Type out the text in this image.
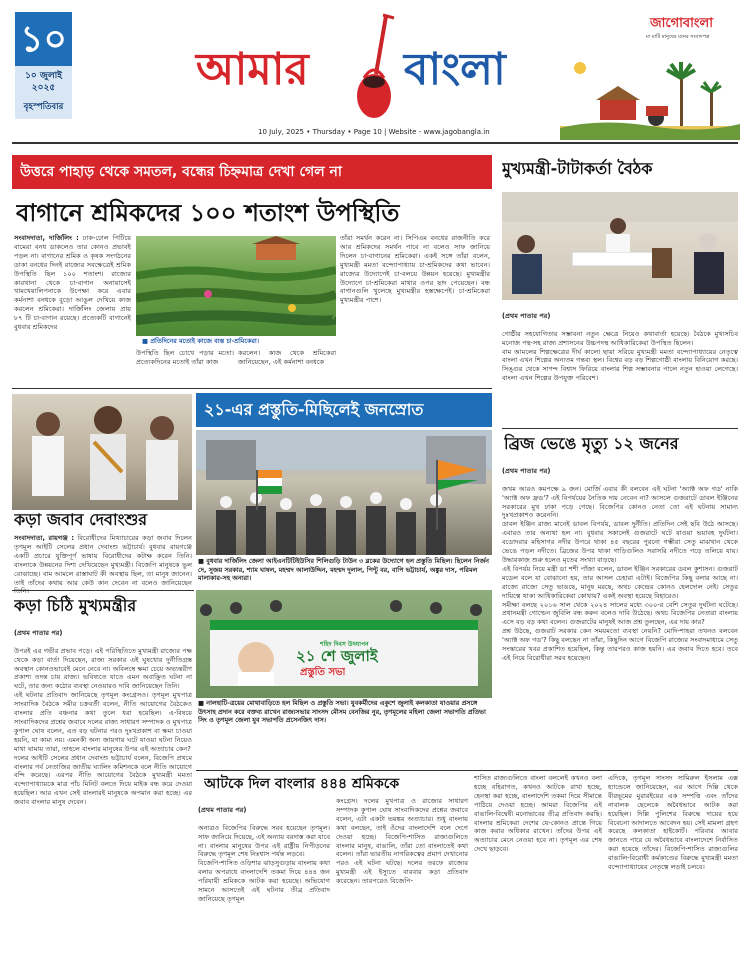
১০
১০ জুলাই ২০২৫
বৃহস্পতিবার
আমার বাংলা
10 July, 2025 • Thursday • Page 10 | Website - www.jagobangla.in
জাগোবাংলা
মা মাটি মানুষের মনের সংবাদপত্র
উত্তরে পাহাড় থেকে সমতল, বন্ধের চিহ্নমাত্র দেখা গেল না
বাগানে শ্রমিকদের ১০০ শতাংশ উপস্থিতি
সংবাদদাতা, দার্জিলিং : ঢাক-ঢোল পিটিয়ে বামেরা বনধ ডাকলেও তার কোনও প্রভাবই পড়ল না। বাগানের শ্রমিক ও কৃষক সংগঠনের ডাকা বনধের দিনই রাজ্যের সবক্ষেত্রেই শ্রমিক উপস্থিতি ছিল ১০০ শতাংশ। রাজ্যের কারখানা থেকে চা-বাগান অনায়াসেই খামখেয়ালিপনাকে উপেক্ষা করে এবার কর্মনাশা বনধকে বুড়ো আঙুল দেখিয়ে কাজ করলেন শ্রমিকেরা। দার্জিলিং জেলায় প্রায় ৮৭ টি চা-বাগান রয়েছে। প্রত্যেকটি বাগানেই বুধবার শ্রমিকদের
■ প্রতিদিনের মতোই কাজে ব্যস্ত চা-শ্রমিকেরা।
উপস্থিতি ছিল চোখে পড়ার মতো। প্রত্যেকদিনের মতোই তাঁরা কাজ
করলেন। কাজ থেকে শ্রমিকেরা জানিয়েছেন, এই কর্মনাশা বনধকে
তাঁরা সমর্থন করেন না। সিপিএম বনধের রাজনীতি করে আর শ্রমিকদের সমর্থন পাবে না বলেও সাফ জানিয়ে দিলেন চা-বাগানের শ্রমিকেরা। একই সঙ্গে তাঁরা বলেন, মুখ্যমন্ত্রী মমতা বন্দ্যোপাধ্যায় চা-শ্রমিকদের কথা ভাবেন। রাজ্যের উদ্যোগেই চা-বলয়ে উন্নয়ন হয়েছে। মুখ্যমন্ত্রীর উদ্যোগে চা-শ্রমিকেরা মাথার ওপর ছাদ পেয়েছেন। বন্ধ বাগানগুলি খুলেছে মুখ্যমন্ত্রীর হস্তক্ষেপেই। চা-শ্রমিকেরা মুখ্যমন্ত্রীর পাশে।
কড়া জবাব দেবাংশুর
সংবাদদাতা, রায়গঞ্জ : বিরোধীদের মিথ্যাচারের কড়া জবাব দিলেন তৃণমূল আইটি সেলের প্রধান দেবাংশু ভট্টাচার্য। বুধবার রায়গঞ্জে একটি প্রচারে যুক্তিপূর্ণ ভাষায় বিরোধীদের কটাক্ষ করেন তিনি। বাংলাকে উন্নয়নের দিশা দেখিয়েছেন মুখ্যমন্ত্রী। বিজেপি মানুষকে ভুল বোঝাচ্ছে। বাম আমলে রাস্তাঘাট কী অবস্থায় ছিল, তা মানুষ জানেন। তাই তাঁদের কথায় আর কেউ কান দেবেন না বলেও জানিয়েছেন
কড়া চিঠি মুখ্যমন্ত্রীর

(প্রথম পাতার পর)

উপরই এর গভীর প্রভাব পড়ে। এই পরিস্থিতিতে মুখ্যমন্ত্রী রাজ্যের পক্ষ থেকে কড়া বার্তা দিয়েছেন, রাজ্য সরকার এই ঘুষখোর দুর্নীতিগ্রস্ত অবস্থান কোনওভাবেই মেনে নেবে না। অবিলম্বে ক্ষমা চেয়ে অভ্যন্তরীণ প্রকাশ্য তদন্ত চায় রাজ্য। ভবিষ্যতে যাতে এমন অবাঞ্ছিত ঘটনা না ঘটে, তার জন্য কঠোর ব্যবস্থা নেওয়ারও দাবি জানিয়েছেন তিনি।
এই ঘটনার প্রতিবাদ জানিয়েছে তৃণমূল কংগ্রেসও। তৃণমূল মুখপাত্র সাংবাদিক বৈঠকে সমীর চক্রবর্তী বলেন, নীতি আয়োগের বৈঠকেও বাংলার প্রতি বঞ্চনার কথা তুলে ধরা হয়েছিল। এ-বিষয়ে সাংবাদিকদের প্রশ্নের জবাবে দলের রাজ্য সাধারণ সম্পাদক ও মুখপাত্র কুণাল ঘোষ বলেন, এত বড় ঘটনার পরও দুঃখপ্রকাশ বা ক্ষমা চাওয়া হয়নি, যা কাম্য নয়। এমনকী অন্য জায়গায় ঘটে যাওয়া ঘটনা নিয়েও মাথা ঘামায় তারা, তাহলে বাংলার মানুষের উপর এই অত্যাচার কেন?
দলের আইটি সেলের প্রধান দেবাংশু ভট্টাচার্য বলেন, বিজেপি প্রথমে বাংলার গর্ব নেতাজির জাতীয় ঘ্যালিং কমিশনকে বলে নীতি আয়োগে বন্দি করেছে। এরপর নীতি আয়োগের বৈঠকে মুখ্যমন্ত্রী মমতা বন্দ্যোপাধ্যায়কে মাত্র পাঁচ মিনিট বলতে দিয়ে মাইক বন্ধ করে দেওয়া হয়েছিল। আর এখন সেই বাংলারই মানুষকে অপমান করা হচ্ছে। এর জবাব বাংলার মানুষ দেবেন।

২১-এর প্রস্তুতি-মিছিলেই জনস্রোত
■ বুধবার দার্জিলিং জেলা আইএনটিটিইউসির শিলিগুড়ি টাউন ৩ ব্লকের উদ্যোগে হল প্রস্তুতি মিছিল। ছিলেন নির্জন দে, সুজয় সরকার, শ্যাম ঘাষল, মহম্মদ আলাউদ্দিন, মহম্মদ দুলাল, পিন্টু বর, বাপি ভট্টাচার্য, অঙ্কুর দাস, পরিমল মালাকার-সহ অন্যরা।
শহিদ দিবস উদযাপন
২১ শে জুলাই
প্রস্তুতি সভা
■ নালহাটি-ত্রয়ের মোথাবাড়িতে হল মিছিল ও প্রস্তুতি সভা। যুবকর্মীদের একুশে জুলাই কলকাতা যাওয়ার প্রসঙ্গে উৎসাহ প্রদান করে বক্তব্য রাখেন রাজ্যসভার সাংসদ মৌসম বেনজির নুর, তৃণমূলের মহিলা জেলা সভাপতি প্রতিভা সিং ও তৃণমূল জেলা যুব সভাপতি প্রসেনজিৎ দাস।
মুখ্যমন্ত্রী-টাটাকর্তা বৈঠক

(প্রথম পাতার পর)

গোষ্ঠীর সহযোগিতার সম্ভাবনা নতুন ক্ষেত্রে নিয়েও কথাবার্তা হয়েছে। বৈঠকে মুখ্যসচিব মনোজ পন্থ-সহ রাজ্য প্রশাসনের উচ্চপদস্থ আধিকারিকেরা উপস্থিত ছিলেন।
বাম আমলের শিল্পক্ষেত্রের দীর্ঘ কালো ছায়া সরিয়ে মুখ্যমন্ত্রী মমতা বন্দ্যোপাধ্যায়ের নেতৃত্বে বাংলা এখন শিল্পের অন্যতম গন্তব্য স্থল। বিশ্বের বড় বড় শিল্পগোষ্ঠী বাংলায় বিনিয়োগ করছে। সিঙ্গুর থেকে সাণন্দ বিশ্বাস ফিরিয়ে বাংলার শিল্প সম্ভাবনার পালে নতুন হাওয়া লেগেছে। বাংলা এখন শিল্পের উপযুক্ত পরিবেশ।

ব্রিজ ভেঙে মৃত্যু ১২ জনের

(প্রথম পাতার পর)

জখম আরও কমপক্ষে ৯ জন। মোর্জি এবার কী বলবেন এই ঘটনা 'অ্যাক্ট অফ গড' নাকি 'অ্যাক্ট অফ ফ্রড'? এই বিপর্যয়ের নৈতিক দায় নেবেন না? আসলে গুজরাটে ডাবল ইঞ্জিনের সরকারের মুখ ঢাকা পড়ে গেছে। বিজেপির কোনও নেতা তো এই ঘটনায় সামান্য দুঃখপ্রকাশও করেননি।
ডাবল ইঞ্জিন রাজ্য মানেই ডাবল বিপর্যয়, ডাবল দুর্নীতি। প্রতিদিন সেই ছবি উঠে আসছে। এবারও তার অন্যথা হল না। বুধবার সকালেই গুজরাটে ঘটে যাওয়া ভয়াবহ দুর্ঘটনা। বডোদরার মহিসাগর নদীর উপরে থাকা ৪৫ বছরের পুরনো গম্ভীরা সেতু মাঝখান থেকে ভেঙে পড়ল নদীতে। ব্রিজের উপর থাকা গাড়িগুলিও সরাসরি নদীতে পড়ে তলিয়ে যায়। উদ্ধারকাজ শুরু হলেও মৃতের সংখ্যা বাড়ছে।
এই বিপর্যয় নিয়ে মন্ত্রী ডা শশী পাঁজা বলেন, ডাবল ইঞ্জিন সরকারের ডবল কুশাসন। গুজরাট মডেল বলে যা বোঝানো হয়, তার আসল চেহারা এটাই। বিজেপির কিছু বলার আছে না। রাজ্যে রাজ্যে সেতু ভাঙছে, মানুষ মরছে, অথচ কেন্দ্রের কোনও হেলদোল নেই। সেতুর দায়িত্বে থাকা আধিকারিকেরা কোথায়? একই অবস্থা হয়েছে বিহারেও।
সমীক্ষা বলছে ২০১৬ সাল থেকে ২০২৪ সালের মধ্যে ৩০০-র বেশি সেতুর দুর্ঘটনা ঘটেছে। প্রধানমন্ত্রী গোল্ডেন জুবিলি বন্ধ করুন বলেও দাবি উঠেছে। অথচ বিজেপির নেতারা বাংলায় এসে বড় বড় কথা বলেন। গুজরাটের মানুষই আজ প্রশ্ন তুলছেন, এর দায় কার?
প্রশ্ন উঠছে, গুজরাট সরকার কেন সময়মতো ব্যবস্থা নেয়নি? মোদি-শাহরা তখনও বলবেন 'অ্যাক্ট অফ গড'? কিছু বলছেন না তাঁরা, কিছুদিন আগে বিজেপি রাজ্যের সংবাদমাধ্যমে সেতু সংস্কারের খবর প্রকাশিত হয়েছিল, কিন্তু তারপরও কাজ হয়নি। এর জবাব দিতে হবে। তবে এই নিয়ে বিরোধীরা সরব হয়েছেন।

আটকে দিল বাংলার ৪৪৪ শ্রমিককে

(প্রথম পাতার পর)

অন্যত্রও বিজেপির বিরুদ্ধে সরব হয়েছেন তৃণমূল। সাফ জানিয়ে দিয়েছে, এই অন্যায় বরদাস্ত করা যাবে না। বাংলার মানুষের উপর এই রাষ্ট্রীয় নিপীড়নের বিরুদ্ধে তৃণমূল শেষ নিঃশ্বাস পর্যন্ত লড়বে।
বিজেপি-শাসিত ওড়িশার ঝাড়সুগুড়ায় বাংলায় কথা বলার অপরাধে বাংলাদেশি তকমা দিয়ে ৪৪৪ জন পরিযায়ী শ্রমিককে আটক করা হয়েছে। অভিযোগ সামনে আসতেই এই ঘটনার তীব্র প্রতিবাদ জানিয়েছে তৃণমূল

কংগ্রেস। দলের মুখপাত্র ও রাজ্যের সাধারণ সম্পাদক কুণাল ঘোষ সাংবাদিকদের প্রশ্নের জবাবে বলেন, এটা একটা ভয়ঙ্কর অত্যাচার। শুধু বাংলায় কথা বলছেন, তাই ওঁদের বাংলাদেশি বলে দেগে দেওয়া হচ্ছে। বিজেপি-শাসিত রাজ্যগুলিতে বাংলার মানুষ, বাঙালি, তাঁরা তো বাংলাতেই কথা বলেন। তাঁরা ভারতীয় নাগরিকত্বের প্রমাণ দেখানোর পরও এই ঘটনা ঘটছে। দলের তরফে রাজ্যের মুখ্যমন্ত্রী এই ইস্যুতে বারবার কড়া প্রতিবাদ করেছেন। তারপরেও বিজেপি-
শাসিত রাজ্যগুলিতে বাংলা বললেই কখনও বলা হচ্ছে বহিরাগত, কখনও আটকে রাখা হচ্ছে, হেনস্থা করা হচ্ছে, বাংলাদেশি তকমা দিয়ে সীমান্তে পাঠিয়ে দেওয়া হচ্ছে। আমরা বিজেপির এই বাঙালি-বিদ্বেষী মনোভাবের তীব্র প্রতিবাদ করছি। বাংলার শ্রমিকেরা দেশের যে-কোনও প্রান্তে গিয়ে কাজ করার অধিকার রাখেন। তাঁদের উপর এই অত্যাচার মেনে নেওয়া হবে না। তৃণমূল এর শেষ দেখে ছাড়বে।
এদিকে, তৃণমূল সাংসদ সামিরুল ইসলাম এক্স হ্যান্ডেলে জানিয়েছেন, এর আগে দিল্লি থেকে বীরভূমের মুরারইয়ের এক সম্পত্তি এবং তাঁদের নাবালক ছেলেকে অবৈধভাবে আটক করা হয়েছিল। দিল্লি পুলিশের বিরুদ্ধে দায়ের হয়ে বিবেচনা আদালতে আবেদন হয়। সেই মামলা গ্রহণ করেছে কলকাতা হাইকোর্ট। পরিবার আবার জানতে পারে যে অবৈধভাবে বাংলাদেশে নির্বাসিত করা হয়েছে তাঁদের। বিজেপি-শাসিত রাজ্যগুলির বাঙালি-বিরোধী কর্মকাণ্ডের বিরুদ্ধে মুখ্যমন্ত্রী মমতা বন্দ্যোপাধ্যায়ের নেতৃত্বে লড়াই চলবে।
